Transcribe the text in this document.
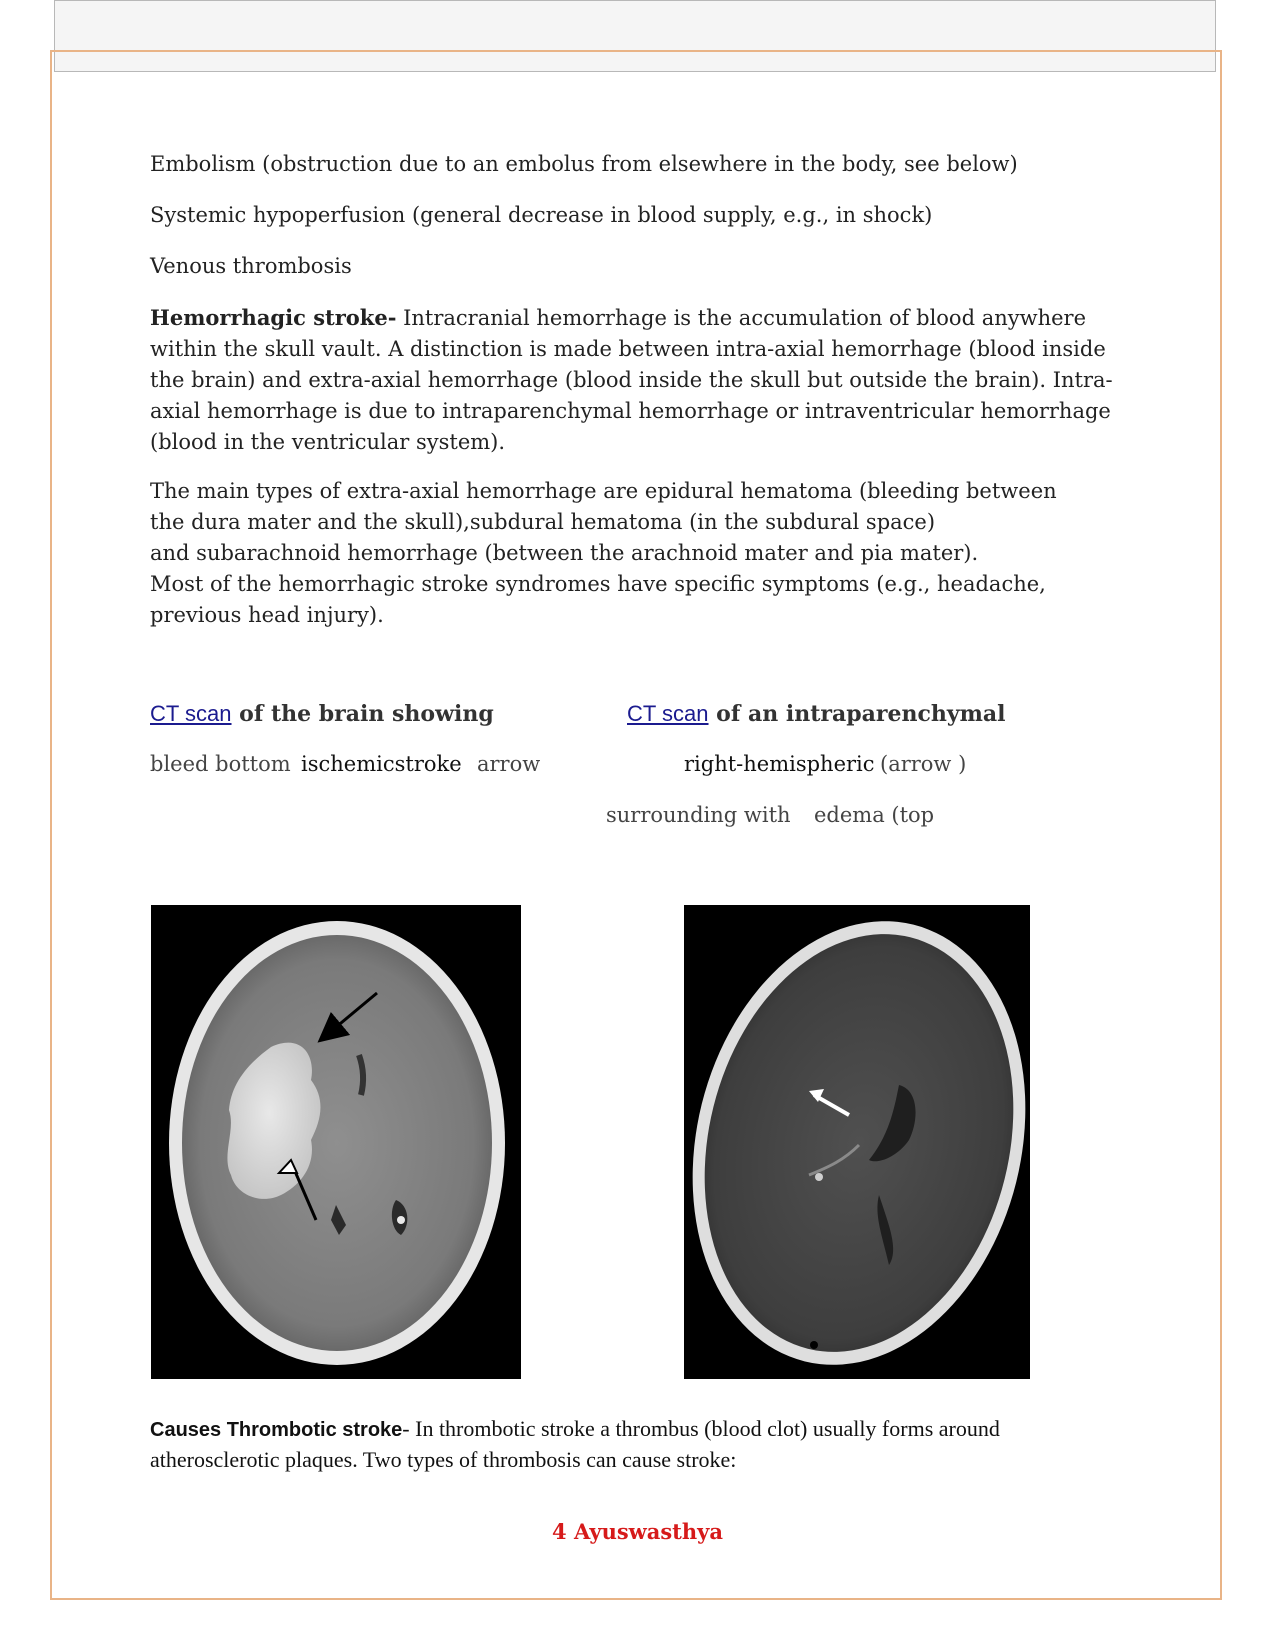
Embolism (obstruction due to an embolus from elsewhere in the body, see below)

Systemic hypoperfusion (general decrease in blood supply, e.g., in shock)

Venous thrombosis

Hemorrhagic stroke- Intracranial hemorrhage is the accumulation of blood anywhere within the skull vault. A distinction is made between intra-axial hemorrhage (blood inside the brain) and extra-axial hemorrhage (blood inside the skull but outside the brain). Intra-axial hemorrhage is due to intraparenchymal hemorrhage or intraventricular hemorrhage (blood in the ventricular system).

The main types of extra-axial hemorrhage are epidural hematoma (bleeding between
the dura mater and the skull),subdural hematoma (in the subdural space)
and subarachnoid hemorrhage (between the arachnoid mater and pia mater).
Most of the hemorrhagic stroke syndromes have specific symptoms (e.g., headache,
previous head injury).
CT scan of the brain showing
bleed bottom ischemicstroke arrow
CT scan of an intraparenchymal
right-hemispheric (arrow )
surrounding with edema (top
Causes Thrombotic stroke- In thrombotic stroke a thrombus (blood clot) usually forms around atherosclerotic plaques. Two types of thrombosis can cause stroke:
4 Ayuswasthya
